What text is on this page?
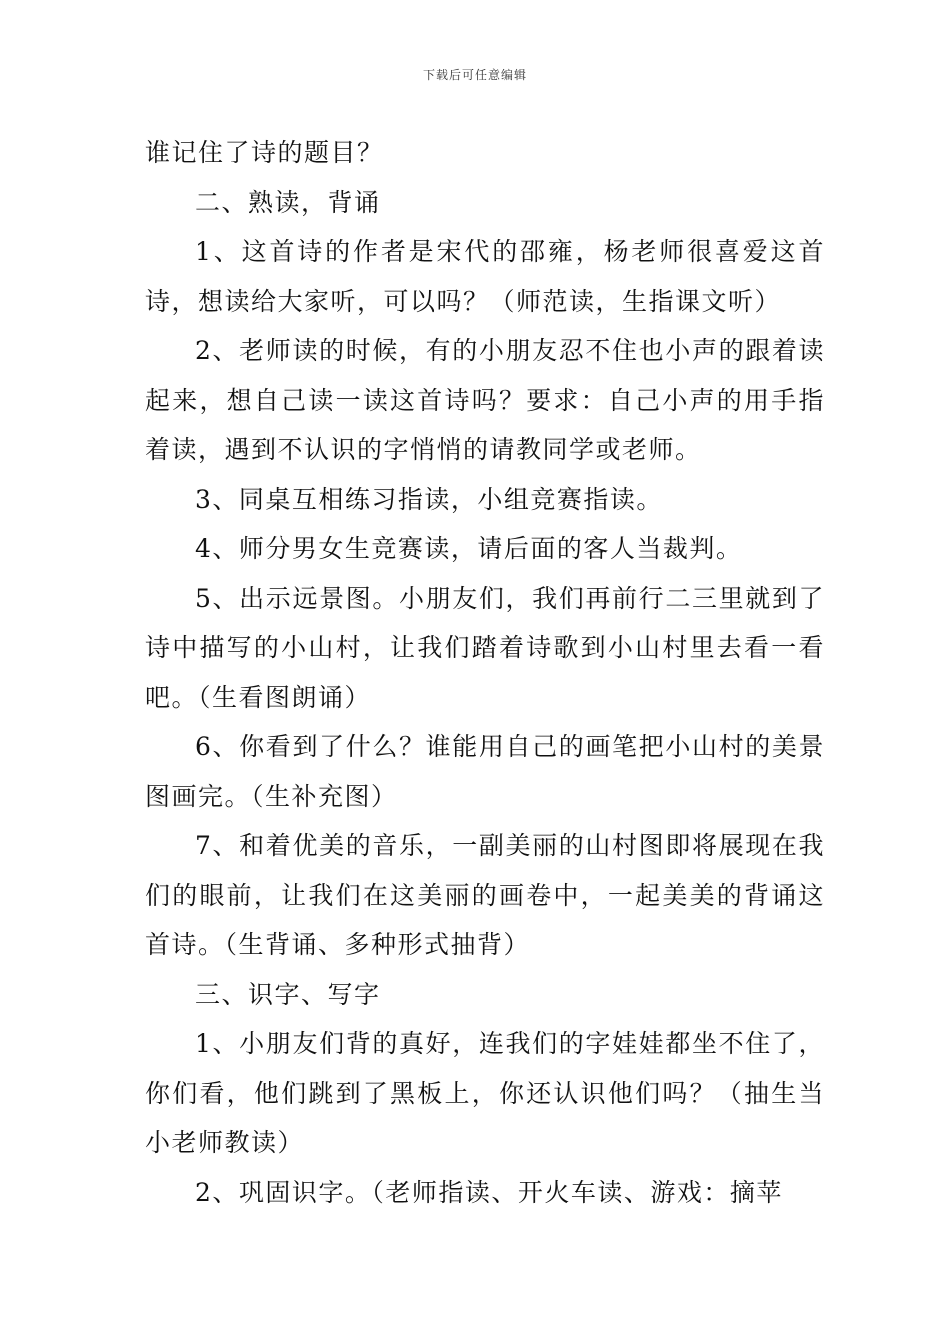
下载后可任意编辑

谁记住了诗的题目？

二、熟读，背诵

1、这首诗的作者是宋代的邵雍，杨老师很喜爱这首诗，想读给大家听，可以吗？（师范读，生指课文听）

2、老师读的时候，有的小朋友忍不住也小声的跟着读起来，想自己读一读这首诗吗？要求：自己小声的用手指着读，遇到不认识的字悄悄的请教同学或老师。

3、同桌互相练习指读，小组竞赛指读。

4、师分男女生竞赛读，请后面的客人当裁判。

5、出示远景图。小朋友们，我们再前行二三里就到了诗中描写的小山村，让我们踏着诗歌到小山村里去看一看吧。（生看图朗诵）

6、你看到了什么？谁能用自己的画笔把小山村的美景图画完。（生补充图）

7、和着优美的音乐，一副美丽的山村图即将展现在我们的眼前，让我们在这美丽的画卷中，一起美美的背诵这首诗。（生背诵、多种形式抽背）

三、识字、写字

1、小朋友们背的真好，连我们的字娃娃都坐不住了，你们看，他们跳到了黑板上，你还认识他们吗？（抽生当小老师教读）

2、巩固识字。（老师指读、开火车读、游戏：摘苹
